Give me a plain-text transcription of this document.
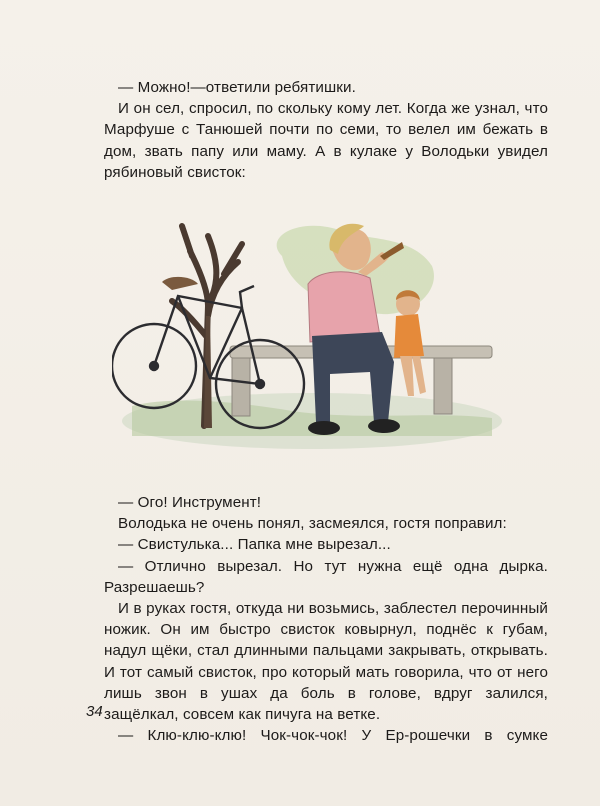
— Можно!—ответили ребятишки.

И он сел, спросил, по скольку кому лет. Когда же узнал, что Марфуше с Танюшей почти по семи, то велел им бежать в дом, звать папу или маму. А в кулаке у Володьки увидел рябиновый свисток:

— Ого! Инструмент!

Володька не очень понял, засмеялся, гостя поправил:

— Свистулька... Папка мне вырезал...

— Отлично вырезал. Но тут нужна ещё одна дырка. Разрешаешь?

И в руках гостя, откуда ни возьмись, заблестел перочинный ножик. Он им быстро свисток ковырнул, поднёс к губам, надул щёки, стал длинными пальцами закрывать, открывать. И тот самый свисток, про который мать говорила, что от него лишь звон в ушах да боль в голове, вдруг залился, защёлкал, совсем как пичуга на ветке.

— Клю-клю-клю! Чок-чок-чок! У Ер-рошечки в сумке

34
